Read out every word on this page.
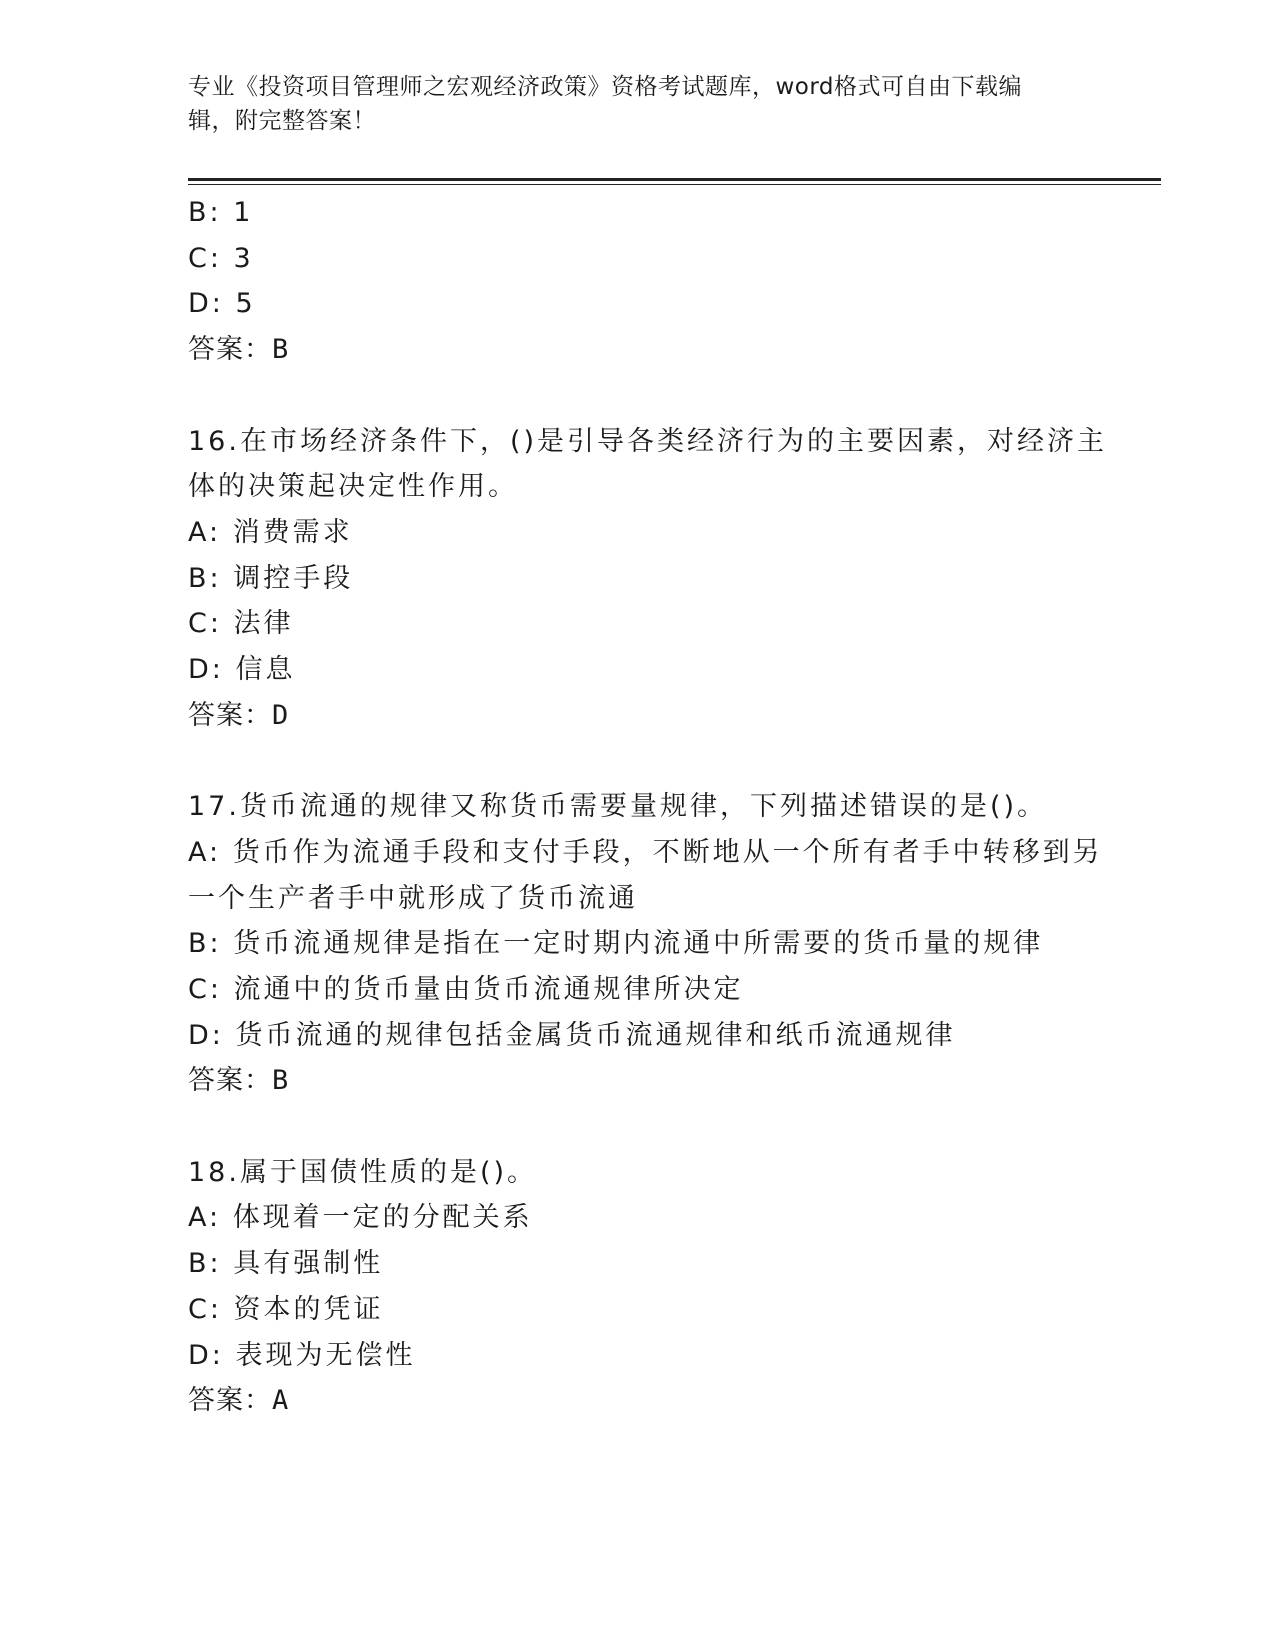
专业《投资项目管理师之宏观经济政策》资格考试题库，word格式可自由下载编
辑，附完整答案！
B: 1
C: 3
D: 5
答案：B
16.在市场经济条件下，()是引导各类经济行为的主要因素，对经济主
体的决策起决定性作用。
A: 消费需求
B: 调控手段
C: 法律
D: 信息
答案：D
17.货币流通的规律又称货币需要量规律，下列描述错误的是()。
A: 货币作为流通手段和支付手段，不断地从一个所有者手中转移到另
一个生产者手中就形成了货币流通
B: 货币流通规律是指在一定时期内流通中所需要的货币量的规律
C: 流通中的货币量由货币流通规律所决定
D: 货币流通的规律包括金属货币流通规律和纸币流通规律
答案：B
18.属于国债性质的是()。
A: 体现着一定的分配关系
B: 具有强制性
C: 资本的凭证
D: 表现为无偿性
答案：A
